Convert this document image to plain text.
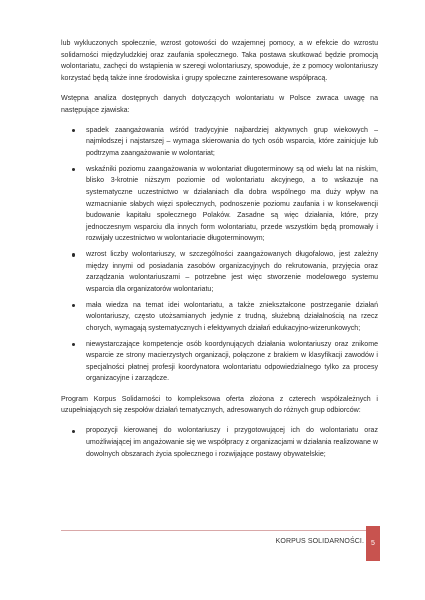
lub wykluczonych społecznie, wzrost gotowości do wzajemnej pomocy, a w efekcie do wzrostu solidarności międzyludzkiej oraz zaufania społecznego. Taka postawa skutkować będzie promocją wolontariatu, zachęci do wstąpienia w szeregi wolontariuszy, spowoduje, że z pomocy wolontariuszy korzystać będą także inne środowiska i grupy społeczne zainteresowane współpracą.

Wstępna analiza dostępnych danych dotyczących wolontariatu w Polsce zwraca uwagę na następujące zjawiska:

spadek zaangażowania wśród tradycyjnie najbardziej aktywnych grup wiekowych – najmłodszej i najstarszej – wymaga skierowania do tych osób wsparcia, które zainicjuje lub podtrzyma zaangażowanie w wolontariat;
wskaźniki poziomu zaangażowania w wolontariat długoterminowy są od wielu lat na niskim, blisko 3-krotnie niższym poziomie od wolontariatu akcyjnego, a to wskazuje na systematyczne uczestnictwo w działaniach dla dobra wspólnego ma duży wpływ na wzmacnianie słabych więzi społecznych, podnoszenie poziomu zaufania i w konsekwencji budowanie kapitału społecznego Polaków. Zasadne są więc działania, które, przy jednoczesnym wsparciu dla innych form wolontariatu, przede wszystkim będą promowały i rozwijały uczestnictwo w wolontariacie długoterminowym;
wzrost liczby wolontariuszy, w szczególności zaangażowanych długofalowo, jest zależny między innymi od posiadania zasobów organizacyjnych do rekrutowania, przyjęcia oraz zarządzania wolontariuszami – potrzebne jest więc stworzenie modelowego systemu wsparcia dla organizatorów wolontariatu;
mała wiedza na temat idei wolontariatu, a także zniekształcone postrzeganie działań wolontariuszy, często utożsamianych jedynie z trudną, służebną działalnością na rzecz chorych, wymagają systematycznych i efektywnych działań edukacyjno-wizerunkowych;
niewystarczające kompetencje osób koordynujących działania wolontariuszy oraz znikome wsparcie ze strony macierzystych organizacji, połączone z brakiem w klasyfikacji zawodów i specjalności płatnej profesji koordynatora wolontariatu odpowiedzialnego tylko za procesy organizacyjne i zarządcze.

Program Korpus Solidarności to kompleksowa oferta złożona z czterech współzależnych i uzupełniających się zespołów działań tematycznych, adresowanych do różnych grup odbiorców:

propozycji kierowanej do wolontariuszy i przygotowującej ich do wolontariatu oraz umożliwiającej im angażowanie się we współpracy z organizacjami w działania realizowane w dowolnych obszarach życia społecznego i rozwijające postawy obywatelskie;
KORPUS SOLIDARNOŚCI. 5
